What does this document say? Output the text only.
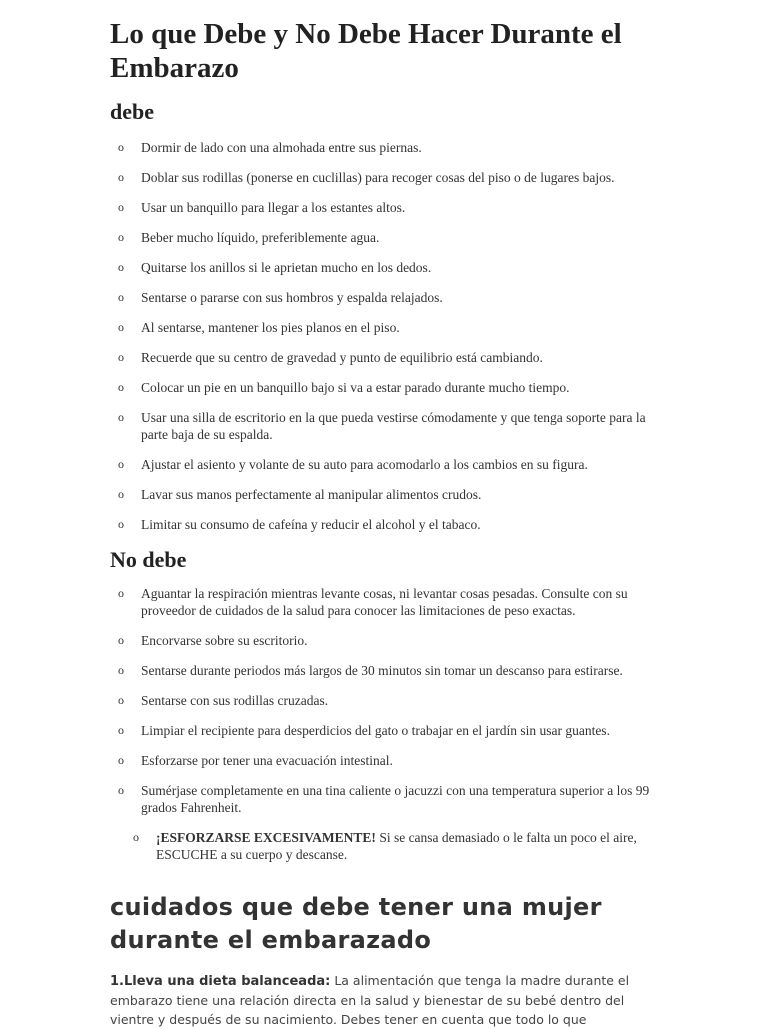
Lo que Debe y No Debe Hacer Durante el Embarazo
debe
o Dormir de lado con una almohada entre sus piernas.
o Doblar sus rodillas (ponerse en cuclillas) para recoger cosas del piso o de lugares bajos.
o Usar un banquillo para llegar a los estantes altos.
o Beber mucho líquido, preferiblemente agua.
o Quitarse los anillos si le aprietan mucho en los dedos.
o Sentarse o pararse con sus hombros y espalda relajados.
o Al sentarse, mantener los pies planos en el piso.
o Recuerde que su centro de gravedad y punto de equilibrio está cambiando.
o Colocar un pie en un banquillo bajo si va a estar parado durante mucho tiempo.
o Usar una silla de escritorio en la que pueda vestirse cómodamente y que tenga soporte para la parte baja de su espalda.
o Ajustar el asiento y volante de su auto para acomodarlo a los cambios en su figura.
o Lavar sus manos perfectamente al manipular alimentos crudos.
o Limitar su consumo de cafeína y reducir el alcohol y el tabaco.
No debe
o Aguantar la respiración mientras levante cosas, ni levantar cosas pesadas. Consulte con su proveedor de cuidados de la salud para conocer las limitaciones de peso exactas.
o Encorvarse sobre su escritorio.
o Sentarse durante periodos más largos de 30 minutos sin tomar un descanso para estirarse.
o Sentarse con sus rodillas cruzadas.
o Limpiar el recipiente para desperdicios del gato o trabajar en el jardín sin usar guantes.
o Esforzarse por tener una evacuación intestinal.
o Sumérjase completamente en una tina caliente o jacuzzi con una temperatura superior a los 99 grados Fahrenheit.
o ¡ESFORZARSE EXCESIVAMENTE! Si se cansa demasiado o le falta un poco el aire, ESCUCHE a su cuerpo y descanse.
cuidados que debe tener una mujer durante el embarazado

1.Lleva una dieta balanceada: La alimentación que tenga la madre durante el embarazo tiene una relación directa en la salud y bienestar de su bebé dentro del vientre y después de su nacimiento. Debes tener en cuenta que todo lo que
